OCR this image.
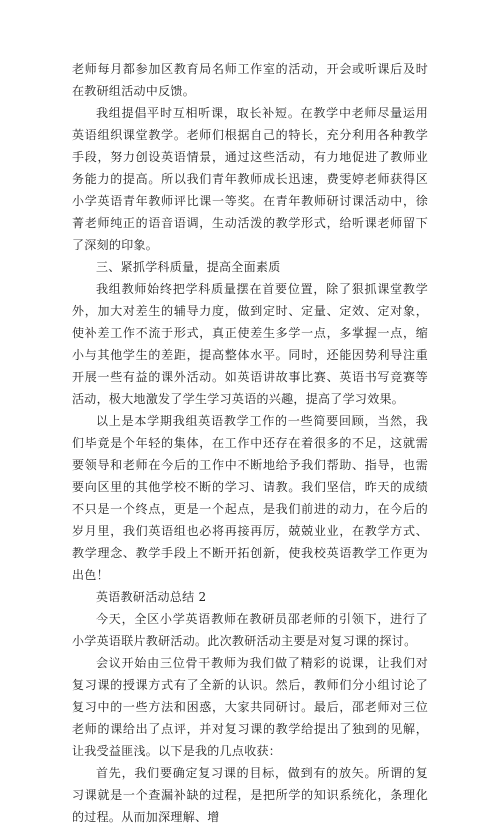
老师每月都参加区教育局名师工作室的活动，开会或听课后及时在教研组活动中反馈。

我组提倡平时互相听课，取长补短。在教学中老师尽量运用英语组织课堂教学。老师们根据自己的特长，充分利用各种教学手段，努力创设英语情景，通过这些活动，有力地促进了教师业务能力的提高。所以我们青年教师成长迅速，费雯婷老师获得区小学英语青年教师评比课一等奖。在青年教师研讨课活动中，徐菁老师纯正的语音语调，生动活泼的教学形式，给听课老师留下了深刻的印象。

三、紧抓学科质量，提高全面素质

我组教师始终把学科质量摆在首要位置，除了狠抓课堂教学外，加大对差生的辅导力度，做到定时、定量、定效、定对象，使补差工作不流于形式，真正使差生多学一点，多掌握一点，缩小与其他学生的差距，提高整体水平。同时，还能因势利导注重开展一些有益的课外活动。如英语讲故事比赛、英语书写竞赛等活动，极大地激发了学生学习英语的兴趣，提高了学习效果。

以上是本学期我组英语教学工作的一些简要回顾，当然，我们毕竟是个年轻的集体，在工作中还存在着很多的不足，这就需要领导和老师在今后的工作中不断地给予我们帮助、指导，也需要向区里的其他学校不断的学习、请教。我们坚信，昨天的成绩不只是一个终点，更是一个起点，是我们前进的动力，在今后的岁月里，我们英语组也必将再接再厉，兢兢业业，在教学方式、教学理念、教学手段上不断开拓创新，使我校英语教学工作更为出色！

英语教研活动总结 2

今天，全区小学英语教师在教研员邵老师的引领下，进行了小学英语联片教研活动。此次教研活动主要是对复习课的探讨。

会议开始由三位骨干教师为我们做了精彩的说课，让我们对复习课的授课方式有了全新的认识。然后，教师们分小组讨论了复习中的一些方法和困惑，大家共同研讨。最后，邵老师对三位老师的课给出了点评，并对复习课的教学给提出了独到的见解，让我受益匪浅。以下是我的几点收获：

首先，我们要确定复习课的目标，做到有的放矢。所谓的复习课就是一个查漏补缺的过程，是把所学的知识系统化，条理化的过程。从而加深理解、增
